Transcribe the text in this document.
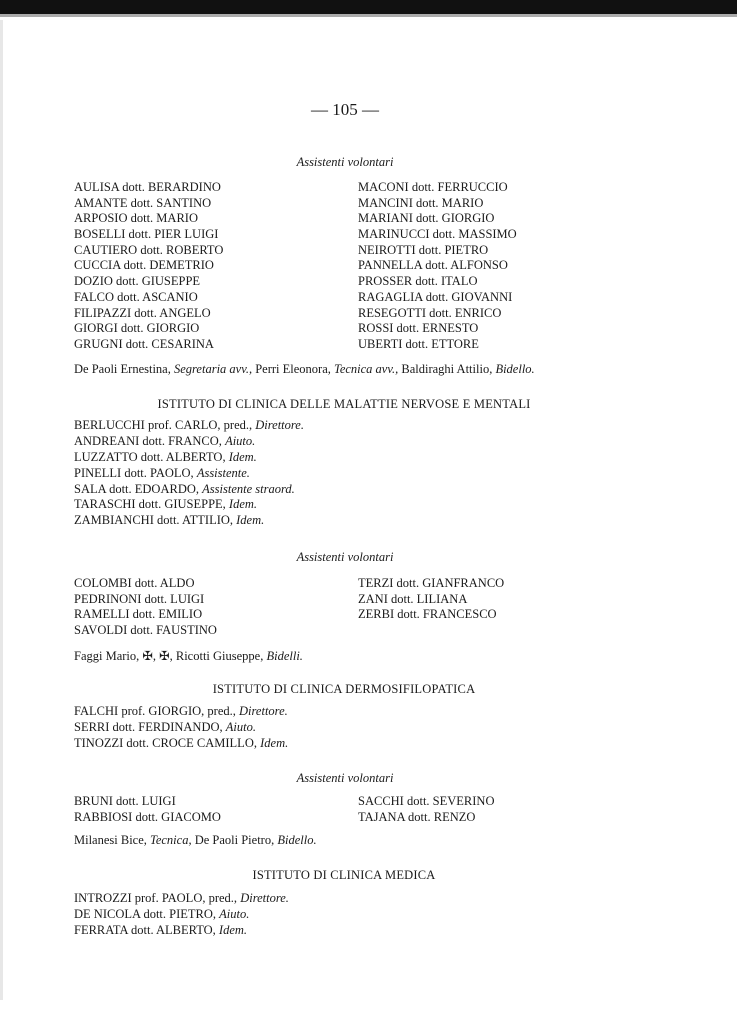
— 105 —
Assistenti volontari
AULISA dott. BERARDINO
AMANTE dott. SANTINO
ARPOSIO dott. MARIO
BOSELLI dott. PIER LUIGI
CAUTIERO dott. ROBERTO
CUCCIA dott. DEMETRIO
DOZIO dott. GIUSEPPE
FALCO dott. ASCANIO
FILIPAZZI dott. ANGELO
GIORGI dott. GIORGIO
GRUGNI dott. CESARINA
MACONI dott. FERRUCCIO
MANCINI dott. MARIO
MARIANI dott. GIORGIO
MARINUCCI dott. MASSIMO
NEIROTTI dott. PIETRO
PANNELLA dott. ALFONSO
PROSSER dott. ITALO
RAGAGLIA dott. GIOVANNI
RESEGOTTI dott. ENRICO
ROSSI dott. ERNESTO
UBERTI dott. ETTORE
De Paoli Ernestina, Segretaria avv., Perri Eleonora, Tecnica avv., Baldiraghi Attilio, Bidello.
ISTITUTO DI CLINICA DELLE MALATTIE NERVOSE E MENTALI
BERLUCCHI prof. CARLO, pred., Direttore.
ANDREANI dott. FRANCO, Aiuto.
LUZZATTO dott. ALBERTO, Idem.
PINELLI dott. PAOLO, Assistente.
SALA dott. EDOARDO, Assistente straord.
TARASCHI dott. GIUSEPPE, Idem.
ZAMBIANCHI dott. ATTILIO, Idem.
Assistenti volontari
COLOMBI dott. ALDO
PEDRINONI dott. LUIGI
RAMELLI dott. EMILIO
SAVOLDI dott. FAUSTINO
TERZI dott. GIANFRANCO
ZANI dott. LILIANA
ZERBI dott. FRANCESCO
Faggi Mario, ✠, ✠, Ricotti Giuseppe, Bidelli.
ISTITUTO DI CLINICA DERMOSIFILOPATICA
FALCHI prof. GIORGIO, pred., Direttore.
SERRI dott. FERDINANDO, Aiuto.
TINOZZI dott. CROCE CAMILLO, Idem.
Assistenti volontari
BRUNI dott. LUIGI
RABBIOSI dott. GIACOMO
SACCHI dott. SEVERINO
TAJANA dott. RENZO
Milanesi Bice, Tecnica, De Paoli Pietro, Bidello.
ISTITUTO DI CLINICA MEDICA
INTROZZI prof. PAOLO, pred., Direttore.
DE NICOLA dott. PIETRO, Aiuto.
FERRATA dott. ALBERTO, Idem.
